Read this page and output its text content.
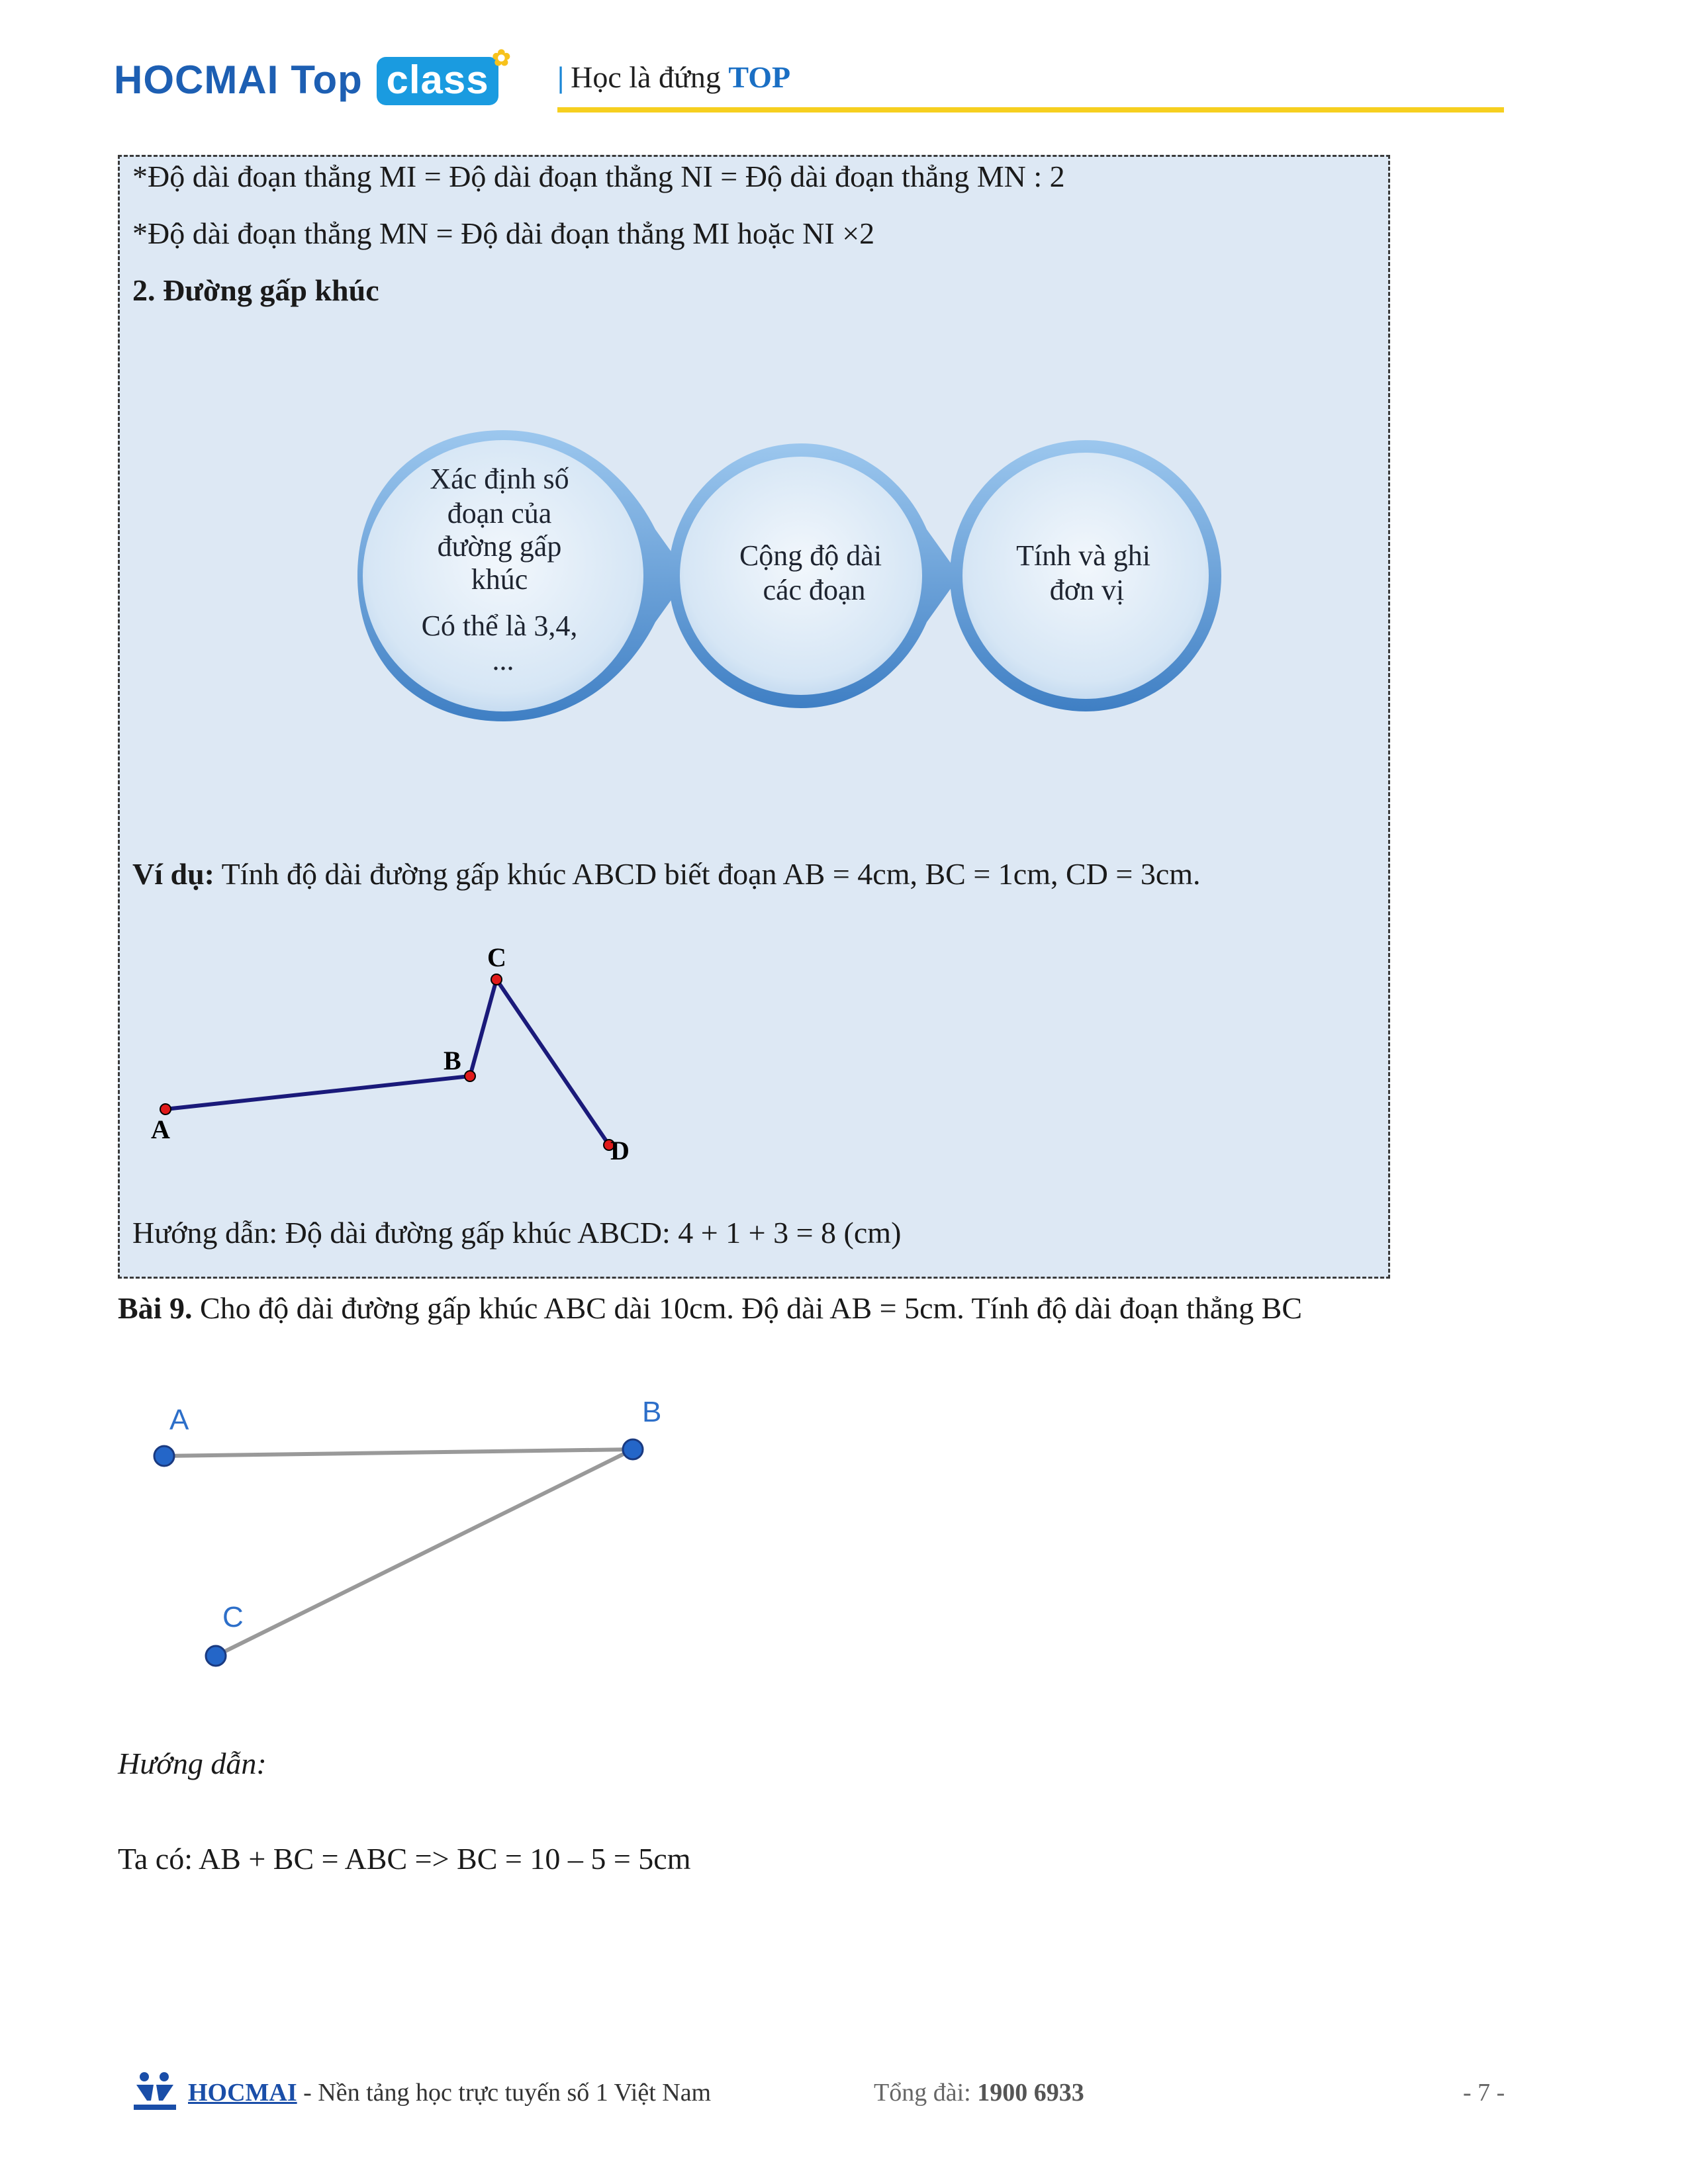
HOCMAI Top class ✿
| Học là đứng TOP
*Độ dài đoạn thẳng MI = Độ dài đoạn thẳng NI = Độ dài đoạn thẳng MN : 2
*Độ dài đoạn thẳng MN = Độ dài đoạn thẳng MI hoặc NI ×2
2. Đường gấp khúc
Xác định số đoạn của đường gấp khúc Có thể là 3,4, ...
Cộng độ dài các đoạn
Tính và ghi đơn vị
Ví dụ: Tính độ dài đường gấp khúc ABCD biết đoạn AB = 4cm, BC = 1cm, CD = 3cm.
A
B
C
D
Hướng dẫn: Độ dài đường gấp khúc ABCD: 4 + 1 + 3 = 8 (cm)
Bài 9. Cho độ dài đường gấp khúc ABC dài 10cm. Độ dài AB = 5cm. Tính độ dài đoạn thẳng BC
A	B
C
Hướng dẫn:
Ta có: AB + BC = ABC => BC = 10 – 5 = 5cm
HOCMAI - Nền tảng học trực tuyến số 1 Việt Nam	Tổng đài: 1900 6933	- 7 -
